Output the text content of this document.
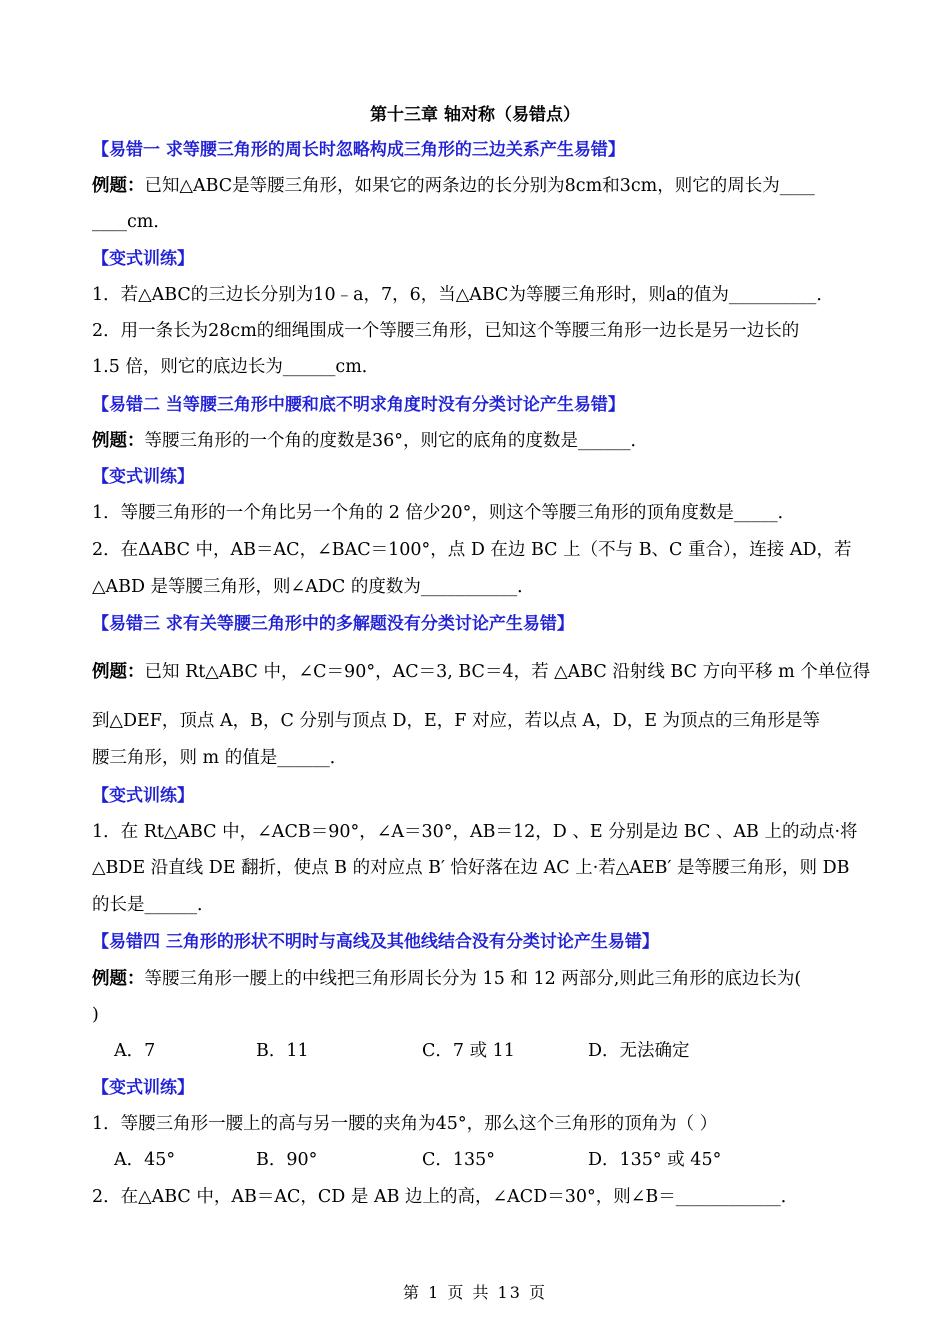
第十三章 轴对称（易错点）
【易错一 求等腰三角形的周长时忽略构成三角形的三边关系产生易错】
例题：已知△ABC是等腰三角形，如果它的两条边的长分别为8cm和3cm，则它的周长为____
____cm．
【变式训练】
1．若△ABC的三边长分别为10﹣a，7，6，当△ABC为等腰三角形时，则a的值为__________．
2．用一条长为28cm的细绳围成一个等腰三角形，已知这个等腰三角形一边长是另一边长的
1.5 倍，则它的底边长为______cm．
【易错二 当等腰三角形中腰和底不明求角度时没有分类讨论产生易错】
例题：等腰三角形的一个角的度数是36°，则它的底角的度数是______．
【变式训练】
1．等腰三角形的一个角比另一个角的 2 倍少20°，则这个等腰三角形的顶角度数是_____．
2．在ΔABC 中，AB＝AC，∠BAC＝100°，点 D 在边 BC 上（不与 B、C 重合），连接 AD，若
△ABD 是等腰三角形，则∠ADC 的度数为___________．
【易错三 求有关等腰三角形中的多解题没有分类讨论产生易错】
例题：已知 Rt△ABC 中，∠C＝90°，AC＝3, BC＝4，若 △ABC 沿射线 BC 方向平移 m 个单位得
到△DEF，顶点 A，B，C 分别与顶点 D，E，F 对应，若以点 A，D，E 为顶点的三角形是等
腰三角形，则 m 的值是______．
【变式训练】
1．在 Rt△ABC 中，∠ACB＝90°，∠A＝30°，AB＝12，D 、E 分别是边 BC 、AB 上的动点·将
△BDE 沿直线 DE 翻折，使点 B 的对应点 B′ 恰好落在边 AC 上·若△AEB′ 是等腰三角形，则 DB
的长是______．
【易错四 三角形的形状不明时与高线及其他线结合没有分类讨论产生易错】
例题：等腰三角形一腰上的中线把三角形周长分为 15 和 12 两部分,则此三角形的底边长为(
)
A．7	B．11	C．7 或 11	D．无法确定
【变式训练】
1．等腰三角形一腰上的高与另一腰的夹角为45°，那么这个三角形的顶角为（ ）
A．45°	B．90°	C．135°	D．135° 或 45°
2．在△ABC 中，AB＝AC，CD 是 AB 边上的高，∠ACD＝30°，则∠B＝____________．
第 1 页 共 13 页
